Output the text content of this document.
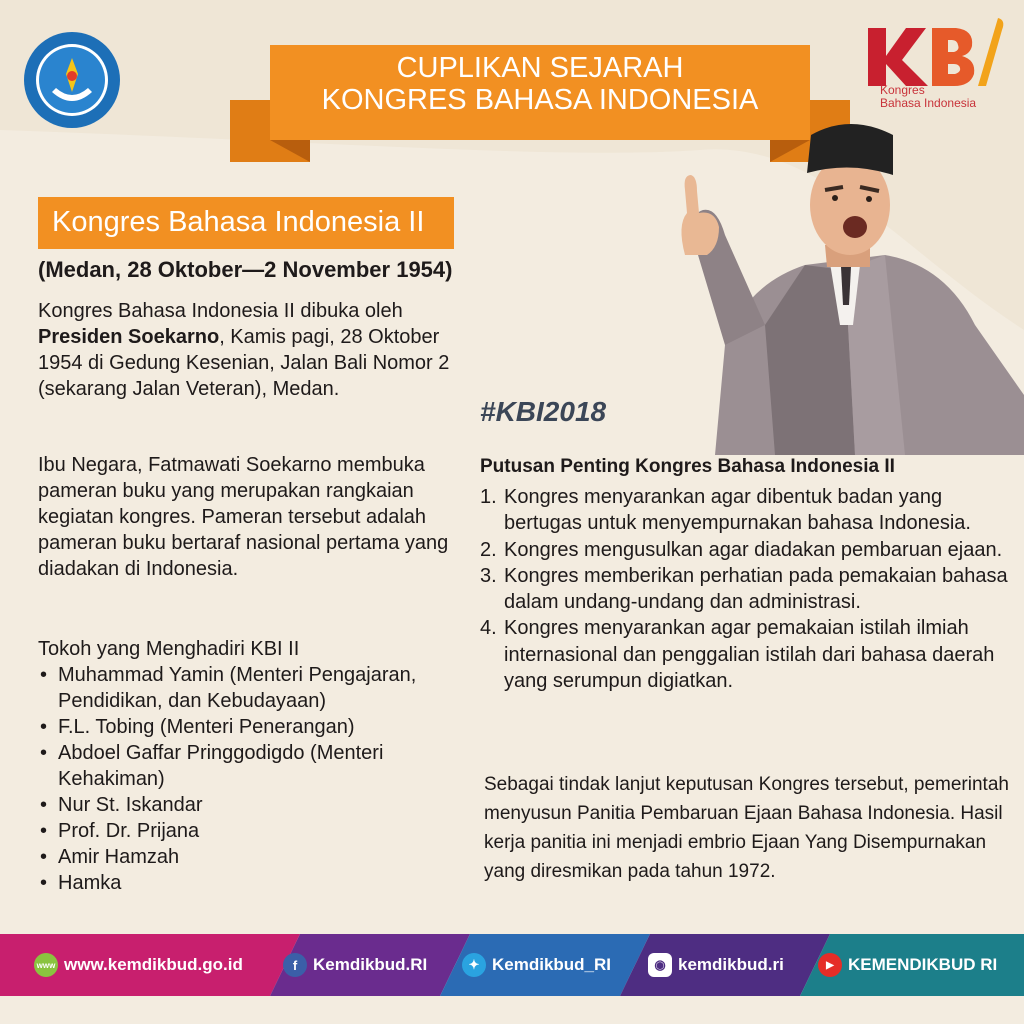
CUPLIKAN SEJARAH
KONGRES BAHASA INDONESIA	Kongres
Bahasa Indonesia
Kongres Bahasa Indonesia II
(Medan, 28 Oktober—2 November 1954)
Kongres Bahasa Indonesia II dibuka oleh Presiden Soekarno, Kamis pagi, 28 Oktober 1954 di Gedung Kesenian, Jalan Bali Nomor 2 (sekarang Jalan Veteran), Medan.
Ibu Negara, Fatmawati Soekarno membuka pameran buku yang merupakan rangkaian kegiatan kongres. Pameran tersebut adalah pameran buku bertaraf nasional pertama yang diadakan di Indonesia.
Tokoh yang Menghadiri KBI II
• Muhammad Yamin (Menteri Pengajaran, Pendidikan, dan Kebudayaan)
• F.L. Tobing (Menteri Penerangan)
• Abdoel Gaffar Pringgodigdo (Menteri Kehakiman)
• Nur St. Iskandar
• Prof. Dr. Prijana
• Amir Hamzah
• Hamka
#KBI2018
Putusan Penting Kongres Bahasa Indonesia II
1. Kongres menyarankan agar dibentuk badan yang bertugas untuk menyempurnakan bahasa Indonesia.
2. Kongres mengusulkan agar diadakan pembaruan ejaan.
3. Kongres memberikan perhatian pada pemakaian bahasa dalam undang-undang dan administrasi.
4. Kongres menyarankan agar pemakaian istilah ilmiah internasional dan penggalian istilah dari bahasa daerah yang serumpun digiatkan.
Sebagai tindak lanjut keputusan Kongres tersebut, pemerintah menyusun Panitia Pembaruan Ejaan Bahasa Indonesia. Hasil kerja panitia ini menjadi embrio Ejaan Yang Disempurnakan yang diresmikan pada tahun 1972.
www www.kemdikbud.go.id	f Kemdikbud.RI	✦ Kemdikbud_RI	◉ kemdikbud.ri	▶ KEMENDIKBUD RI
